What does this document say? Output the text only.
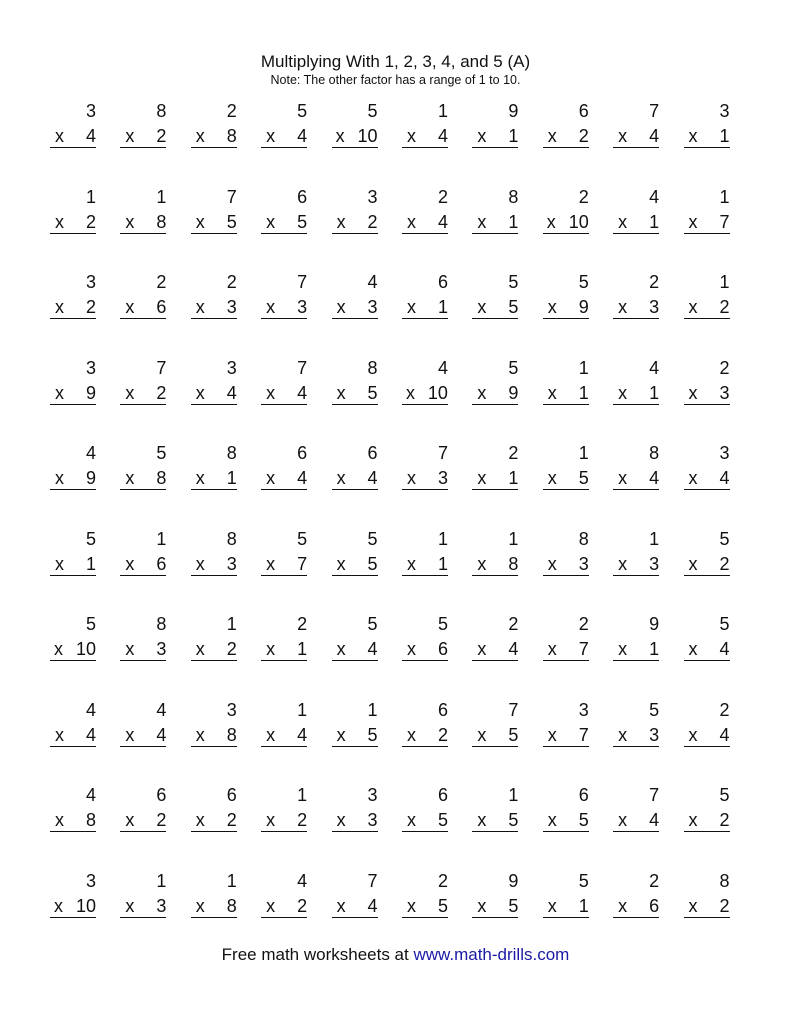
Multiplying With 1, 2, 3, 4, and 5 (A)
Note: The other factor has a range of 1 to 10.
3
x 4
8
x 2
2
x 8
5
x 4
5
x 10
1
x 4
9
x 1
6
x 2
7
x 4
3
x 1
1
x 2
1
x 8
7
x 5
6
x 5
3
x 2
2
x 4
8
x 1
2
x 10
4
x 1
1
x 7
3
x 2
2
x 6
2
x 3
7
x 3
4
x 3
6
x 1
5
x 5
5
x 9
2
x 3
1
x 2
3
x 9
7
x 2
3
x 4
7
x 4
8
x 5
4
x 10
5
x 9
1
x 1
4
x 1
2
x 3
4
x 9
5
x 8
8
x 1
6
x 4
6
x 4
7
x 3
2
x 1
1
x 5
8
x 4
3
x 4
5
x 1
1
x 6
8
x 3
5
x 7
5
x 5
1
x 1
1
x 8
8
x 3
1
x 3
5
x 2
5
x 10
8
x 3
1
x 2
2
x 1
5
x 4
5
x 6
2
x 4
2
x 7
9
x 1
5
x 4
4
x 4
4
x 4
3
x 8
1
x 4
1
x 5
6
x 2
7
x 5
3
x 7
5
x 3
2
x 4
4
x 8
6
x 2
6
x 2
1
x 2
3
x 3
6
x 5
1
x 5
6
x 5
7
x 4
5
x 2
3
x 10
1
x 3
1
x 8
4
x 2
7
x 4
2
x 5
9
x 5
5
x 1
2
x 6
8
x 2
Free math worksheets at www.math-drills.com
